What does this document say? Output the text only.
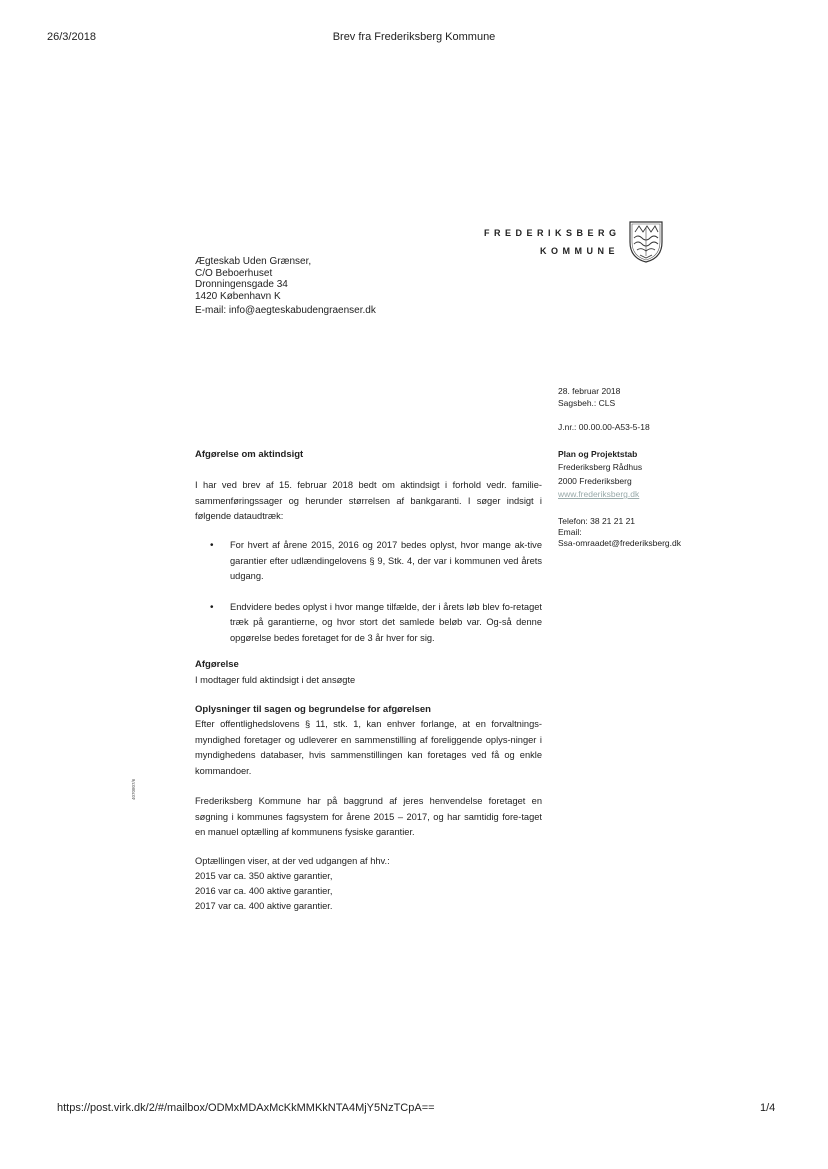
26/3/2018	Brev fra Frederiksberg Kommune
F R E D E R I K S B E R G
K O M M U N E
Ægteskab Uden Grænser,
C/O Beboerhuset
Dronningensgade 34
1420 København K
E-mail: info@aegteskabudengraenser.dk
28. februar 2018
Sagsbeh.: CLS
J.nr.: 00.00.00-A53-5-18
Plan og Projektstab
Frederiksberg Rådhus
2000 Frederiksberg
www.frederiksberg.dk
Telefon: 38 21 21 21
Email:
Ssa-omraadet@frederiksberg.dk
Afgørelse om aktindsigt
I har ved brev af 15. februar 2018 bedt om aktindsigt i forhold vedr. familie-sammenføringssager og herunder størrelsen af bankgaranti. I søger indsigt i følgende dataudtræk:
•	For hvert af årene 2015, 2016 og 2017 bedes oplyst, hvor mange ak-tive garantier efter udlændingelovens § 9, Stk. 4, der var i kommunen ved årets udgang.
•	Endvidere bedes oplyst i hvor mange tilfælde, der i årets løb blev fo-retaget træk på garantierne, og hvor stort det samlede beløb var. Og-så denne opgørelse bedes foretaget for de 3 år hver for sig.
Afgørelse
I modtager fuld aktindsigt i det ansøgte
Oplysninger til sagen og begrundelse for afgørelsen
Efter offentlighedslovens § 11, stk. 1, kan enhver forlange, at en forvaltnings-myndighed foretager og udleverer en sammenstilling af foreliggende oplys-ninger i myndighedens databaser, hvis sammenstillingen kan foretages ved få og enkle kommandoer.
Frederiksberg Kommune har på baggrund af jeres henvendelse foretaget en søgning i kommunes fagsystem for årene 2015 – 2017, og har samtidig fore-taget en manuel optælling af kommunens fysiske garantier.
Optællingen viser, at der ved udgangen af hhv.:
2015 var ca. 350 aktive garantier,
2016 var ca. 400 aktive garantier,
2017 var ca. 400 aktive garantier.
4070807/6
https://post.virk.dk/2/#/mailbox/ODMxMDAxMcKkMMKkNTA4MjY5NzTCpA==	1/4
